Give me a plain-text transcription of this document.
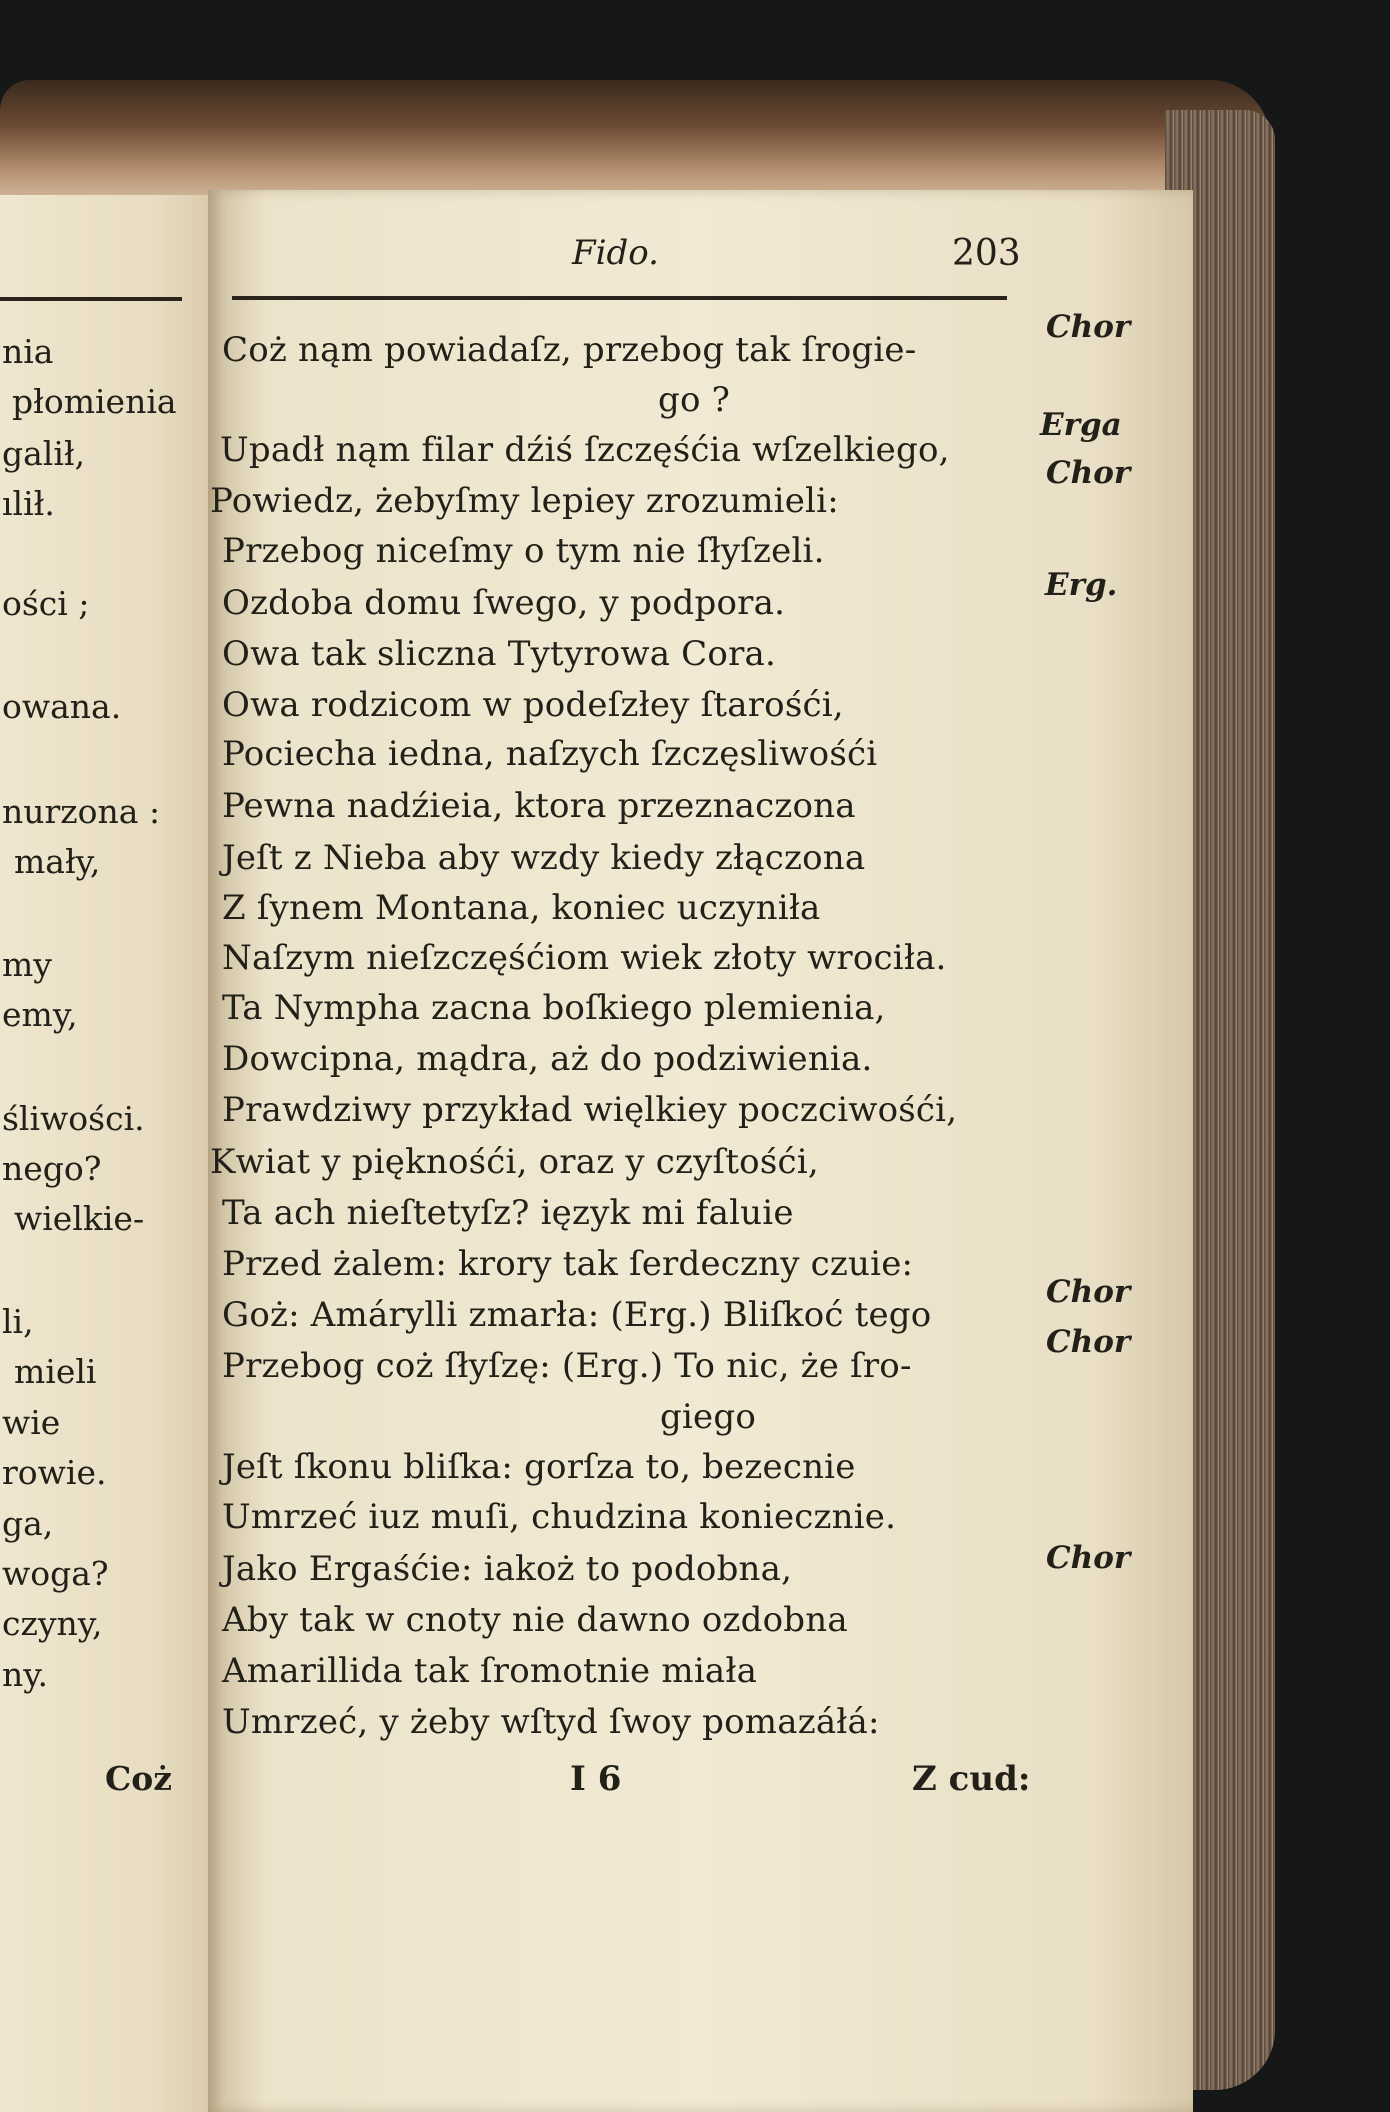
nia
płomienia
galił,
ılił.
ości ;
owana.
nurzona :
mały,
my
emy,
śliwości.
nego?
wielkie-
li,
mieli
wie
rowie.
ga,
woga?
czyny,
ny.
Coż
Fido.	203
Coż nąm powiadaſz, przebog tak ſrogie-
go ?
Upadł nąm filar dźiś ſzczęśćia wſzelkiego,
Powiedz, żebyſmy lepiey zrozumieli:
Przebog niceſmy o tym nie ſłyſzeli.
Ozdoba domu ſwego, y podpora.
Owa tak sliczna Tytyrowa Cora.
Owa rodzicom w podeſzłey ſtarośći,
Pociecha iedna, naſzych ſzczęsliwośći
Pewna nadźieia, ktora przeznaczona
Jeſt z Nieba aby wzdy kiedy złączona
Z ſynem Montana, koniec uczyniła
Naſzym nieſzczęśćiom wiek złoty wrociła.
Ta Nympha zacna boſkiego plemienia,
Dowcipna, mądra, aż do podziwienia.
Prawdziwy przykład więlkiey poczciwośći,
Kwiat y pięknośći, oraz y czyſtośći,
Ta ach nieſtetyſz? ięzyk mi faluie
Przed żalem: krory tak ſerdeczny czuie:
Goż: Amárylli zmarła: (Erg.) Bliſkoć tego
Przebog coż ſłyſzę: (Erg.) To nic, że ſro-
giego
Jeſt ſkonu bliſka: gorſza to, bezecnie
Umrzeć iuz muſi, chudzina koniecznie.
Jako Ergaśćie: iakoż to podobna,
Aby tak w cnoty nie dawno ozdobna
Amarillida tak ſromotnie miała
Umrzeć, y żeby wſtyd ſwoy pomazáłá:
Chor
Erga
Chor
Erg.
Chor
Chor
Chor
I 6	Z cud:
